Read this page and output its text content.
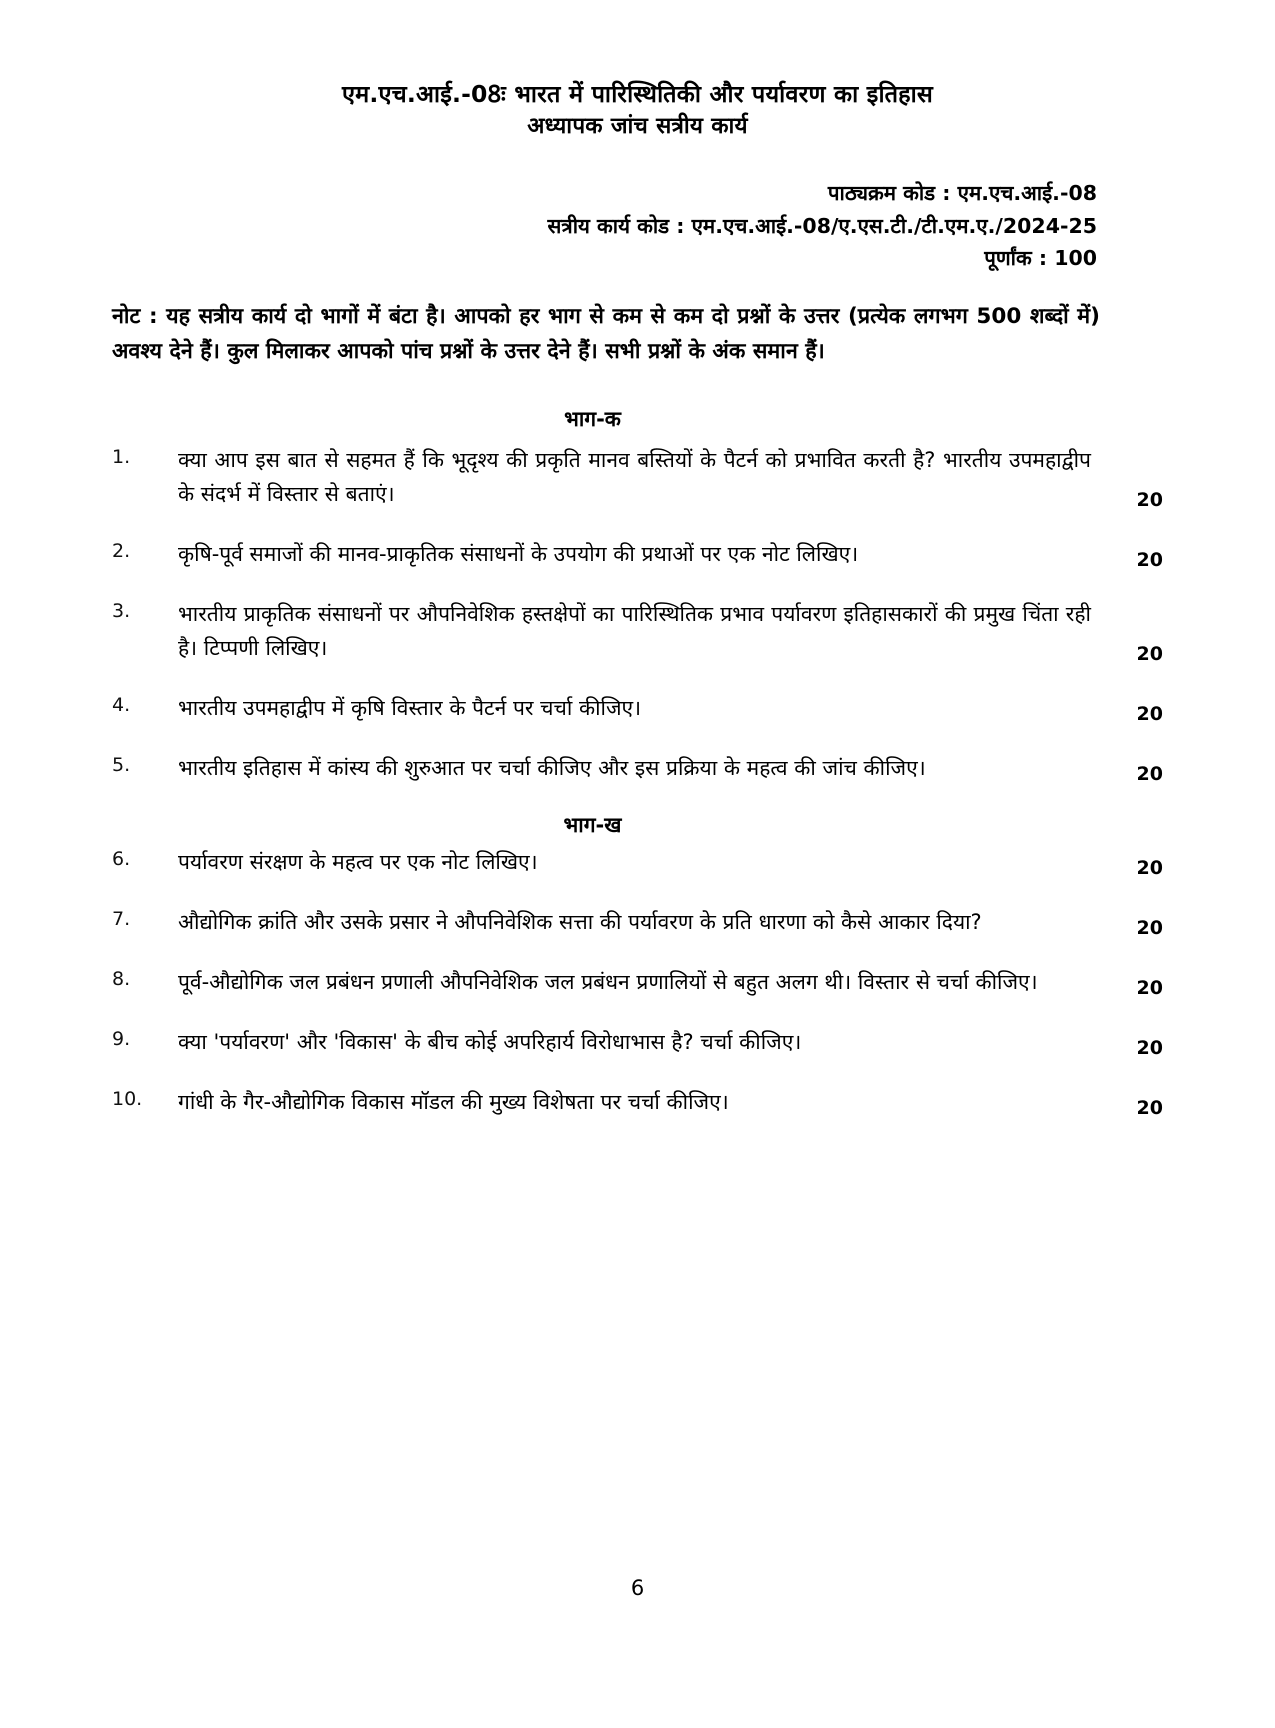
एम.एच.आई.-08ः भारत में पारिस्थितिकी और पर्यावरण का इतिहास
अध्यापक जांच सत्रीय कार्य
पाठ्यक्रम कोड : एम.एच.आई.-08
सत्रीय कार्य कोड : एम.एच.आई.-08/ए.एस.टी./टी.एम.ए./2024-25
पूर्णांक : 100
नोट : यह सत्रीय कार्य दो भागों में बंटा है। आपको हर भाग से कम से कम दो प्रश्नों के उत्तर (प्रत्येक लगभग 500 शब्दों में) अवश्य देने हैं। कुल मिलाकर आपको पांच प्रश्नों के उत्तर देने हैं। सभी प्रश्नों के अंक समान हैं।
भाग-क
1.	क्या आप इस बात से सहमत हैं कि भूदृश्य की प्रकृति मानव बस्तियों के पैटर्न को प्रभावित करती है? भारतीय उपमहाद्वीप के संदर्भ में विस्तार से बताएं।	20
2.	कृषि-पूर्व समाजों की मानव-प्राकृतिक संसाधनों के उपयोग की प्रथाओं पर एक नोट लिखिए।	20
3.	भारतीय प्राकृतिक संसाधनों पर औपनिवेशिक हस्तक्षेपों का पारिस्थितिक प्रभाव पर्यावरण इतिहासकारों की प्रमुख चिंता रही है। टिप्पणी लिखिए।	20
4.	भारतीय उपमहाद्वीप में कृषि विस्तार के पैटर्न पर चर्चा कीजिए।	20
5.	भारतीय इतिहास में कांस्य की शुरुआत पर चर्चा कीजिए और इस प्रक्रिया के महत्व की जांच कीजिए।	20
भाग-ख
6.	पर्यावरण संरक्षण के महत्व पर एक नोट लिखिए।	20
7.	औद्योगिक क्रांति और उसके प्रसार ने औपनिवेशिक सत्ता की पर्यावरण के प्रति धारणा को कैसे आकार दिया?	20
8.	पूर्व-औद्योगिक जल प्रबंधन प्रणाली औपनिवेशिक जल प्रबंधन प्रणालियों से बहुत अलग थी। विस्तार से चर्चा कीजिए।	20
9.	क्या 'पर्यावरण' और 'विकास' के बीच कोई अपरिहार्य विरोधाभास है? चर्चा कीजिए।	20
10.	गांधी के गैर-औद्योगिक विकास मॉडल की मुख्य विशेषता पर चर्चा कीजिए।	20
6
